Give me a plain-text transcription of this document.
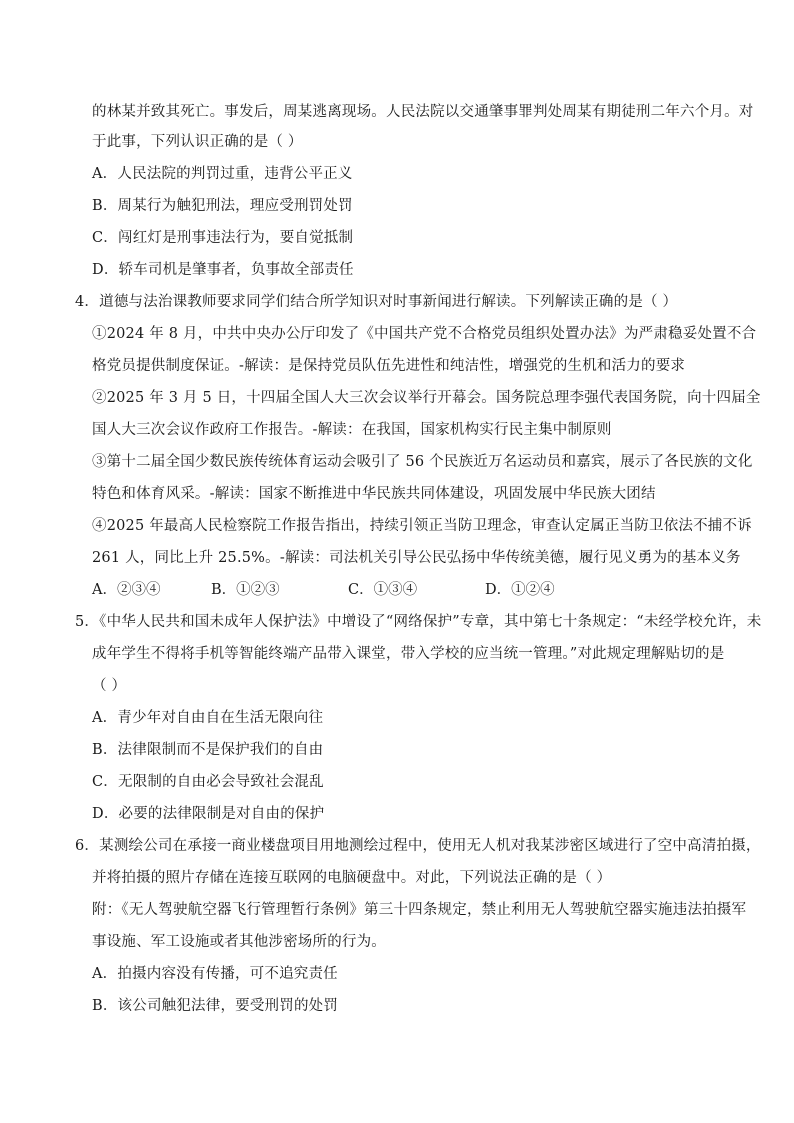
的林某并致其死亡。事发后，周某逃离现场。人民法院以交通肇事罪判处周某有期徒刑二年六个月。对
于此事，下列认识正确的是（ ）
A．人民法院的判罚过重，违背公平正义
B．周某行为触犯刑法，理应受刑罚处罚
C．闯红灯是刑事违法行为，要自觉抵制
D．轿车司机是肇事者，负事故全部责任
4．道德与法治课教师要求同学们结合所学知识对时事新闻进行解读。下列解读正确的是（ ）
①2024 年 8 月，中共中央办公厅印发了《中国共产党不合格党员组织处置办法》为严肃稳妥处置不合
格党员提供制度保证。-解读：是保持党员队伍先进性和纯洁性，增强党的生机和活力的要求
②2025 年 3 月 5 日，十四届全国人大三次会议举行开幕会。国务院总理李强代表国务院，向十四届全
国人大三次会议作政府工作报告。-解读：在我国，国家机构实行民主集中制原则
③第十二届全国少数民族传统体育运动会吸引了 56 个民族近万名运动员和嘉宾，展示了各民族的文化
特色和体育风采。-解读：国家不断推进中华民族共同体建设，巩固发展中华民族大团结
④2025 年最高人民检察院工作报告指出，持续引领正当防卫理念，审查认定属正当防卫依法不捕不诉
261 人，同比上升 25.5%。-解读：司法机关引导公民弘扬中华传统美德，履行见义勇为的基本义务
A．②③④	B．①②③	C．①③④	D．①②④
5．《中华人民共和国未成年人保护法》中增设了“网络保护”专章，其中第七十条规定：“未经学校允许，未
成年学生不得将手机等智能终端产品带入课堂，带入学校的应当统一管理。”对此规定理解贴切的是
（ ）
A．青少年对自由自在生活无限向往
B．法律限制而不是保护我们的自由
C．无限制的自由必会导致社会混乱
D．必要的法律限制是对自由的保护
6．某测绘公司在承接一商业楼盘项目用地测绘过程中，使用无人机对我某涉密区域进行了空中高清拍摄，
并将拍摄的照片存储在连接互联网的电脑硬盘中。对此，下列说法正确的是（ ）
附：《无人驾驶航空器飞行管理暂行条例》第三十四条规定，禁止利用无人驾驶航空器实施违法拍摄军
事设施、军工设施或者其他涉密场所的行为。
A．拍摄内容没有传播，可不追究责任
B．该公司触犯法律，要受刑罚的处罚
